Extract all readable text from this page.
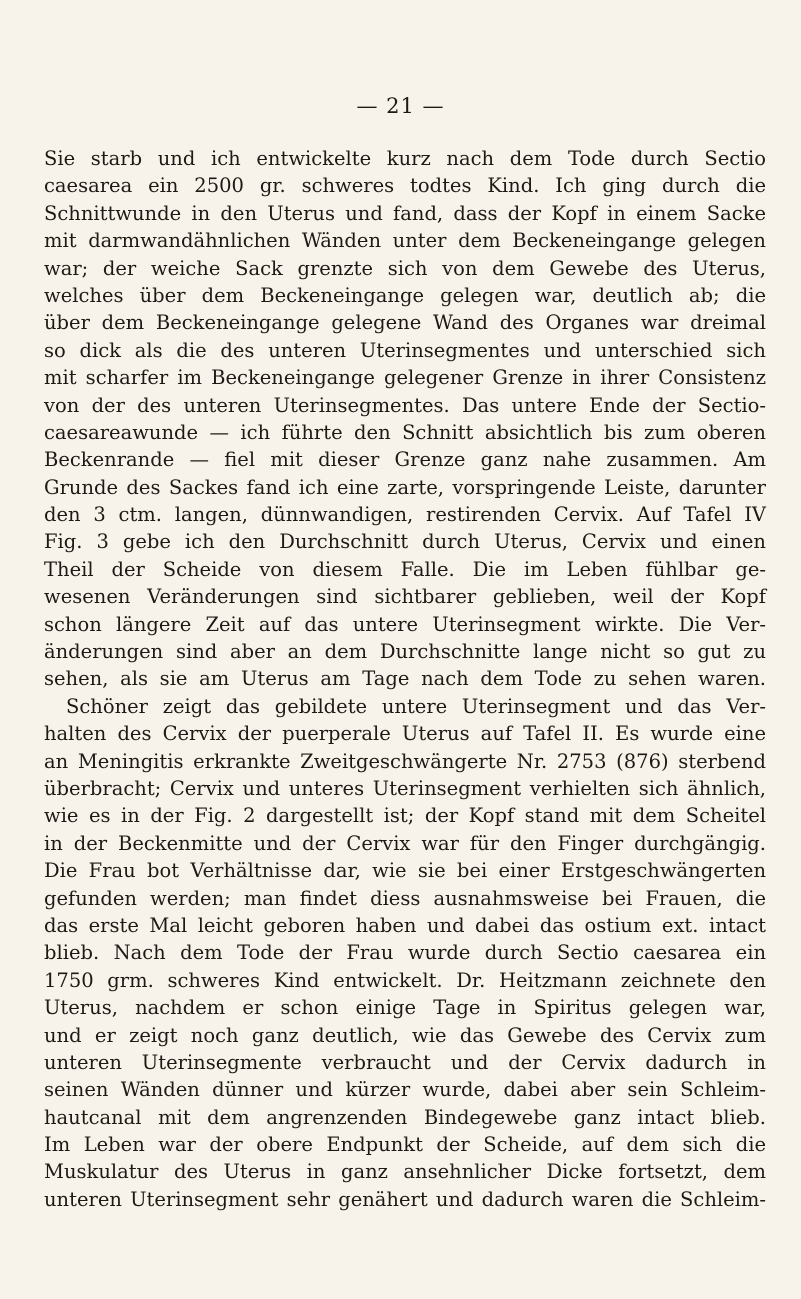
— 21 —
Sie starb und ich entwickelte kurz nach dem Tode durch Sectio
caesarea ein 2500 gr. schweres todtes Kind. Ich ging durch die
Schnittwunde in den Uterus und fand, dass der Kopf in einem Sacke
mit darmwandähnlichen Wänden unter dem Beckeneingange gelegen
war; der weiche Sack grenzte sich von dem Gewebe des Uterus,
welches über dem Beckeneingange gelegen war, deutlich ab; die
über dem Beckeneingange gelegene Wand des Organes war dreimal
so dick als die des unteren Uterinsegmentes und unterschied sich
mit scharfer im Beckeneingange gelegener Grenze in ihrer Consistenz
von der des unteren Uterinsegmentes. Das untere Ende der Sectio-
caesareawunde — ich führte den Schnitt absichtlich bis zum oberen
Beckenrande — fiel mit dieser Grenze ganz nahe zusammen. Am
Grunde des Sackes fand ich eine zarte, vorspringende Leiste, darunter
den 3 ctm. langen, dünnwandigen, restirenden Cervix. Auf Tafel IV
Fig. 3 gebe ich den Durchschnitt durch Uterus, Cervix und einen
Theil der Scheide von diesem Falle. Die im Leben fühlbar ge-
wesenen Veränderungen sind sichtbarer geblieben, weil der Kopf
schon längere Zeit auf das untere Uterinsegment wirkte. Die Ver-
änderungen sind aber an dem Durchschnitte lange nicht so gut zu
sehen, als sie am Uterus am Tage nach dem Tode zu sehen waren.
Schöner zeigt das gebildete untere Uterinsegment und das Ver-
halten des Cervix der puerperale Uterus auf Tafel II. Es wurde eine
an Meningitis erkrankte Zweitgeschwängerte Nr. 2753 (876) sterbend
überbracht; Cervix und unteres Uterinsegment verhielten sich ähnlich,
wie es in der Fig. 2 dargestellt ist; der Kopf stand mit dem Scheitel
in der Beckenmitte und der Cervix war für den Finger durchgängig.
Die Frau bot Verhältnisse dar, wie sie bei einer Erstgeschwängerten
gefunden werden; man findet diess ausnahmsweise bei Frauen, die
das erste Mal leicht geboren haben und dabei das ostium ext. intact
blieb. Nach dem Tode der Frau wurde durch Sectio caesarea ein
1750 grm. schweres Kind entwickelt. Dr. Heitzmann zeichnete den
Uterus, nachdem er schon einige Tage in Spiritus gelegen war,
und er zeigt noch ganz deutlich, wie das Gewebe des Cervix zum
unteren Uterinsegmente verbraucht und der Cervix dadurch in
seinen Wänden dünner und kürzer wurde, dabei aber sein Schleim-
hautcanal mit dem angrenzenden Bindegewebe ganz intact blieb.
Im Leben war der obere Endpunkt der Scheide, auf dem sich die
Muskulatur des Uterus in ganz ansehnlicher Dicke fortsetzt, dem
unteren Uterinsegment sehr genähert und dadurch waren die Schleim-
